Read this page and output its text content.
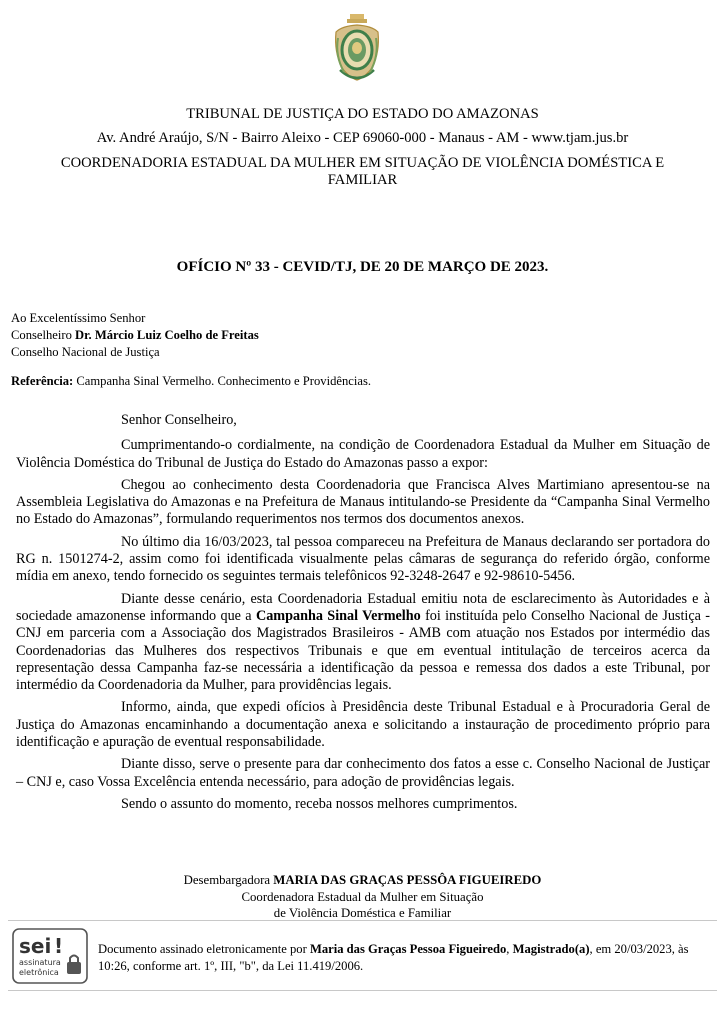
TRIBUNAL DE JUSTIÇA DO ESTADO DO AMAZONAS
Av. André Araújo, S/N - Bairro Aleixo - CEP 69060-000 - Manaus - AM - www.tjam.jus.br
COORDENADORIA ESTADUAL DA MULHER EM SITUAÇÃO DE VIOLÊNCIA DOMÉSTICA E FAMILIAR
OFÍCIO Nº 33 - CEVID/TJ, DE 20 DE MARÇO DE 2023.
Ao Excelentíssimo Senhor
Conselheiro Dr. Márcio Luiz Coelho de Freitas
Conselho Nacional de Justiça
Referência: Campanha Sinal Vermelho. Conhecimento e Providências.

Senhor Conselheiro,

Cumprimentando-o cordialmente, na condição de Coordenadora Estadual da Mulher em Situação de Violência Doméstica do Tribunal de Justiça do Estado do Amazonas passo a expor:

Chegou ao conhecimento desta Coordenadoria que Francisca Alves Martimiano apresentou-se na Assembleia Legislativa do Amazonas e na Prefeitura de Manaus intitulando-se Presidente da “Campanha Sinal Vermelho no Estado do Amazonas”, formulando requerimentos nos termos dos documentos anexos.

No último dia 16/03/2023, tal pessoa compareceu na Prefeitura de Manaus declarando ser portadora do RG n. 1501274-2, assim como foi identificada visualmente pelas câmaras de segurança do referido órgão, conforme mídia em anexo, tendo fornecido os seguintes termais telefônicos 92-3248-2647 e 92-98610-5456.

Diante desse cenário, esta Coordenadoria Estadual emitiu nota de esclarecimento às Autoridades e à sociedade amazonense informando que a Campanha Sinal Vermelho foi instituída pelo Conselho Nacional de Justiça - CNJ em parceria com a Associação dos Magistrados Brasileiros - AMB com atuação nos Estados por intermédio das Coordenadorias das Mulheres dos respectivos Tribunais e que em eventual intitulação de terceiros acerca da representação dessa Campanha faz-se necessária a identificação da pessoa e remessa dos dados a este Tribunal, por intermédio da Coordenadoria da Mulher, para providências legais.

Informo, ainda, que expedi ofícios à Presidência deste Tribunal Estadual e à Procuradoria Geral de Justiça do Amazonas encaminhando a documentação anexa e solicitando a instauração de procedimento próprio para identificação e apuração de eventual responsabilidade.

Diante disso, serve o presente para dar conhecimento dos fatos a esse c. Conselho Nacional de Justiçar – CNJ e, caso Vossa Excelência entenda necessário, para adoção de providências legais.

Sendo o assunto do momento, receba nossos melhores cumprimentos.

Desembargadora MARIA DAS GRAÇAS PESSÔA FIGUEIREDO
Coordenadora Estadual da Mulher em Situação
de Violência Doméstica e Familiar
sei !
assinatura
eletrônica
Documento assinado eletronicamente por Maria das Graças Pessoa Figueiredo, Magistrado(a), em 20/03/2023, às 10:26, conforme art. 1º, III, "b", da Lei 11.419/2006.
